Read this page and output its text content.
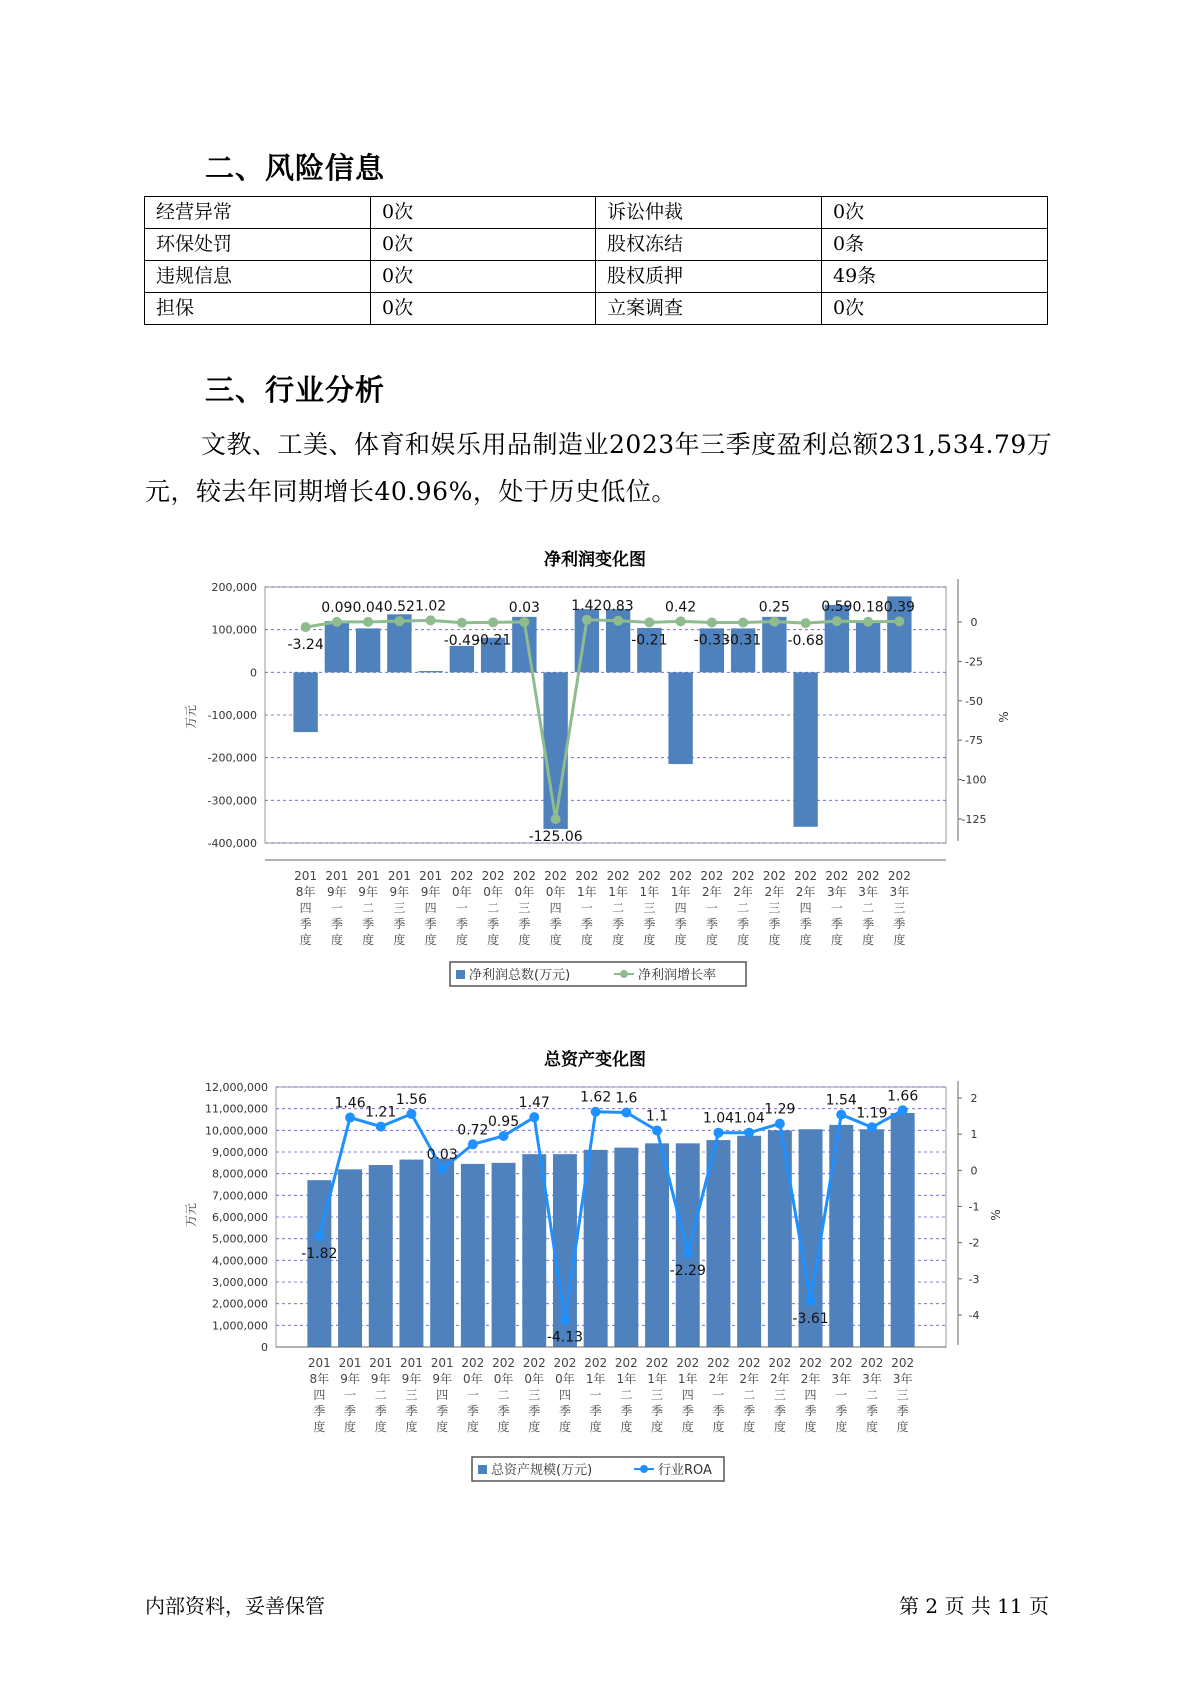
二、风险信息
经营异常	0次	诉讼仲裁	0次
环保处罚	0次	股权冻结	0条
违规信息	0次	股权质押	49条
担保	0次	立案调查	0次
三、行业分析

文教、工美、体育和娱乐用品制造业2023年三季度盈利总额231,534.79万元，较去年同期增长40.96%，处于历史低位。

净利润变化图
200,000
100,000
0
-100,000
-200,000
-300,000
-400,000
0
-25
-50
-75
-100
-125
万元	%
-3.24
0.09 0.04 0.52 1.02
-0.49
-0.21
0.03
-125.06
1.42 0.83
-0.21
0.42
-0.33
-0.31
0.25
-0.68
0.59 0.18 0.39
201 8年四季度
201 9年一季度
201 9年二季度
201 9年三季度
201 9年四季度
202 0年一季度
202 0年二季度
202 0年三季度
202 0年四季度
202 1年一季度
202 1年二季度
202 1年三季度
202 1年四季度
202 2年一季度
202 2年二季度
202 2年三季度
202 2年四季度
202 3年一季度
202 3年二季度
202 3年三季度
净利润总数(万元)	净利润增长率
总资产变化图
12,000,000
11,000,000
10,000,000
9,000,000
8,000,000
7,000,000
6,000,000
5,000,000
4,000,000
3,000,000
2,000,000
1,000,000
0
2
1
0
-1
-2
-3
-4
万元	%
-1.82
1.46
1.21
1.56
0.03
0.72
0.95
1.47
-4.13
1.62 1.6
1.1
-2.29
1.04 1.04
1.29
-3.61
1.54
1.19
1.66
201 8年四季度
201 9年一季度
201 9年二季度
201 9年三季度
201 9年四季度
202 0年一季度
202 0年二季度
202 0年三季度
202 0年四季度
202 1年一季度
202 1年二季度
202 1年三季度
202 1年四季度
202 2年一季度
202 2年二季度
202 2年三季度
202 2年四季度
202 3年一季度
202 3年二季度
202 3年三季度
总资产规模(万元)	行业ROA
内部资料，妥善保管	第 2 页 共 11 页
